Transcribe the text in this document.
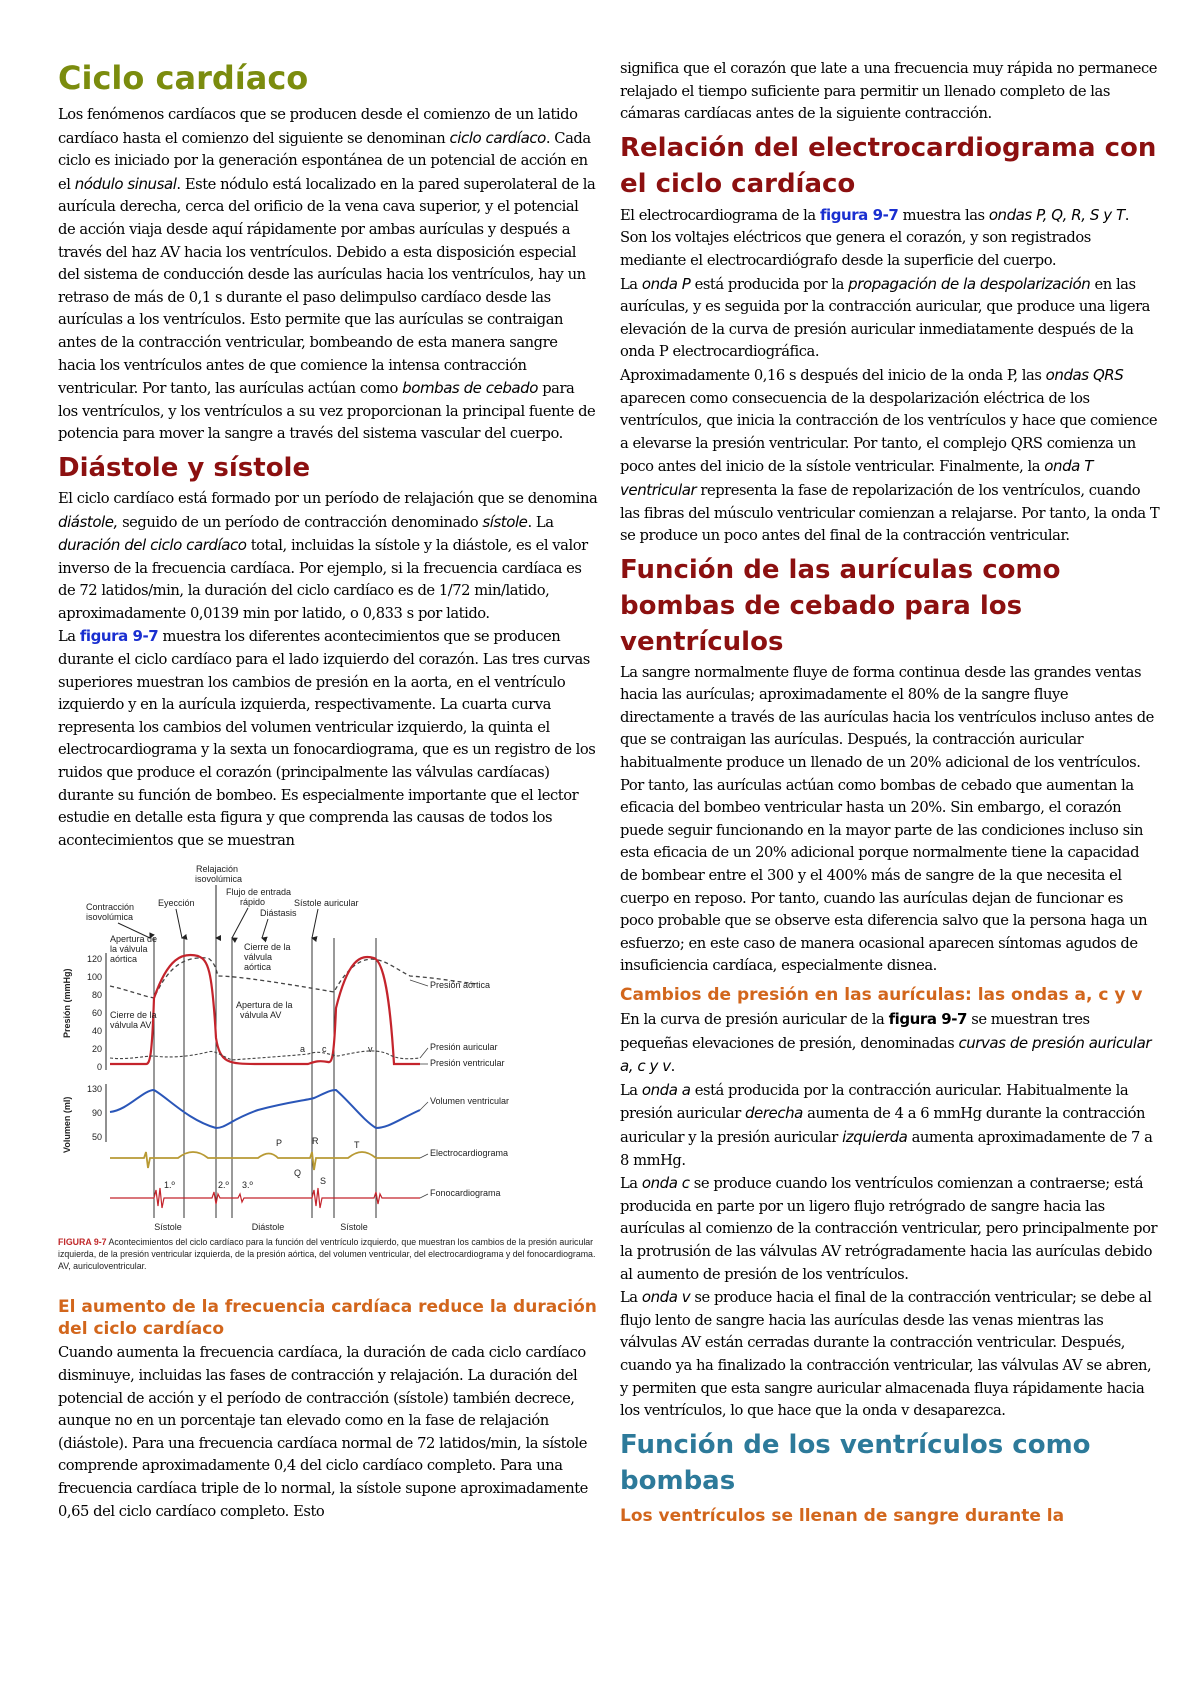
Ciclo cardíaco

Los fenómenos cardíacos que se producen desde el comienzo de un latido cardíaco hasta el comienzo del siguiente se denominan ciclo cardíaco. Cada ciclo es iniciado por la generación espontánea de un potencial de acción en el nódulo sinusal. Este nódulo está localizado en la pared superolateral de la aurícula derecha, cerca del orificio de la vena cava superior, y el potencial de acción viaja desde aquí rápidamente por ambas aurículas y después a través del haz AV hacia los ventrículos. Debido a esta disposición especial del sistema de conducción desde las aurículas hacia los ventrículos, hay un retraso de más de 0,1 s durante el paso delimpulso cardíaco desde las aurículas a los ventrículos. Esto permite que las aurículas se contraigan antes de la contracción ventricular, bombeando de esta manera sangre hacia los ventrículos antes de que comience la intensa contracción ventricular. Por tanto, las aurículas actúan como bombas de cebado para los ventrículos, y los ventrículos a su vez proporcionan la principal fuente de potencia para mover la sangre a través del sistema vascular del cuerpo.

Diástole y sístole

El ciclo cardíaco está formado por un período de relajación que se denomina diástole, seguido de un período de contracción denominado sístole. La duración del ciclo cardíaco total, incluidas la sístole y la diástole, es el valor inverso de la frecuencia cardíaca. Por ejemplo, si la frecuencia cardíaca es de 72 latidos/min, la duración del ciclo cardíaco es de 1/72 min/latido, aproximadamente 0,0139 min por latido, o 0,833 s por latido.

La figura 9-7 muestra los diferentes acontecimientos que se producen durante el ciclo cardíaco para el lado izquierdo del corazón. Las tres curvas superiores muestran los cambios de presión en la aorta, en el ventrículo izquierdo y en la aurícula izquierda, respectivamente. La cuarta curva representa los cambios del volumen ventricular izquierdo, la quinta el electrocardiograma y la sexta un fonocardiograma, que es un registro de los ruidos que produce el corazón (principalmente las válvulas cardíacas) durante su función de bombeo. Es especialmente importante que el lector estudie en detalle esta figura y que comprenda las causas de todos los acontecimientos que se muestran

Relajación
isovolúmica
Flujo de entrada
rápido
Diástasis
Sístole auricular
Contracción
isovolúmica
Eyección
Presión (mmHg)
Volumen (ml)
120
100
80
60
40
20
0
130
90
50
a c	v
P
Q
R
S
T
1.º	2.º 3.º
Sístole	Diástole	Sístole
Apertura de
la válvula
aórtica
Cierre de la
válvula
aórtica
Cierre de la
válvula AV
Apertura de la
válvula AV
Presión aórtica
Presión auricular
Presión ventricular
Volumen ventricular
Electrocardiograma
Fonocardiograma
FIGURA 9-7 Acontecimientos del ciclo cardíaco para la función del ventrículo izquierdo, que muestran los cambios de la presión auricular izquierda, de la presión ventricular izquierda, de la presión aórtica, del volumen ventricular, del electrocardiograma y del fonocardiograma. AV, auriculoventricular.
El aumento de la frecuencia cardíaca reduce la duración del ciclo cardíaco

Cuando aumenta la frecuencia cardíaca, la duración de cada ciclo cardíaco disminuye, incluidas las fases de contracción y relajación. La duración del potencial de acción y el período de contracción (sístole) también decrece, aunque no en un porcentaje tan elevado como en la fase de relajación (diástole). Para una frecuencia cardíaca normal de 72 latidos/min, la sístole comprende aproximadamente 0,4 del ciclo cardíaco completo. Para una frecuencia cardíaca triple de lo normal, la sístole supone aproximadamente 0,65 del ciclo cardíaco completo. Esto

significa que el corazón que late a una frecuencia muy rápida no permanece relajado el tiempo suficiente para permitir un llenado completo de las cámaras cardíacas antes de la siguiente contracción.

Relación del electrocardiograma con el ciclo cardíaco

El electrocardiograma de la figura 9-7 muestra las ondas P, Q, R, S y T. Son los voltajes eléctricos que genera el corazón, y son registrados mediante el electrocardiógrafo desde la superficie del cuerpo.

La onda P está producida por la propagación de la despolarización en las aurículas, y es seguida por la contracción auricular, que produce una ligera elevación de la curva de presión auricular inmediatamente después de la onda P electrocardiográfica.

Aproximadamente 0,16 s después del inicio de la onda P, las ondas QRS aparecen como consecuencia de la despolarización eléctrica de los ventrículos, que inicia la contracción de los ventrículos y hace que comience a elevarse la presión ventricular. Por tanto, el complejo QRS comienza un poco antes del inicio de la sístole ventricular. Finalmente, la onda T ventricular representa la fase de repolarización de los ventrículos, cuando las fibras del músculo ventricular comienzan a relajarse. Por tanto, la onda T se produce un poco antes del final de la contracción ventricular.

Función de las aurículas como bombas de cebado para los ventrículos

La sangre normalmente fluye de forma continua desde las grandes ventas hacia las aurículas; aproximadamente el 80% de la sangre fluye directamente a través de las aurículas hacia los ventrículos incluso antes de que se contraigan las aurículas. Después, la contracción auricular habitualmente produce un llenado de un 20% adicional de los ventrículos. Por tanto, las aurículas actúan como bombas de cebado que aumentan la eficacia del bombeo ventricular hasta un 20%. Sin embargo, el corazón puede seguir funcionando en la mayor parte de las condiciones incluso sin esta eficacia de un 20% adicional porque normalmente tiene la capacidad de bombear entre el 300 y el 400% más de sangre de la que necesita el cuerpo en reposo. Por tanto, cuando las aurículas dejan de funcionar es poco probable que se observe esta diferencia salvo que la persona haga un esfuerzo; en este caso de manera ocasional aparecen síntomas agudos de insuficiencia cardíaca, especialmente disnea.

Cambios de presión en las aurículas: las ondas a, c y v

En la curva de presión auricular de la figura 9-7 se muestran tres pequeñas elevaciones de presión, denominadas curvas de presión auricular a, c y v.

La onda a está producida por la contracción auricular. Habitualmente la presión auricular derecha aumenta de 4 a 6 mmHg durante la contracción auricular y la presión auricular izquierda aumenta aproximadamente de 7 a 8 mmHg.

La onda c se produce cuando los ventrículos comienzan a contraerse; está producida en parte por un ligero flujo retrógrado de sangre hacia las aurículas al comienzo de la contracción ventricular, pero principalmente por la protrusión de las válvulas AV retrógradamente hacia las aurículas debido al aumento de presión de los ventrículos.

La onda v se produce hacia el final de la contracción ventricular; se debe al flujo lento de sangre hacia las aurículas desde las venas mientras las válvulas AV están cerradas durante la contracción ventricular. Después, cuando ya ha finalizado la contracción ventricular, las válvulas AV se abren, y permiten que esta sangre auricular almacenada fluya rápidamente hacia los ventrículos, lo que hace que la onda v desaparezca.

Función de los ventrículos como bombas
Los ventrículos se llenan de sangre durante la
